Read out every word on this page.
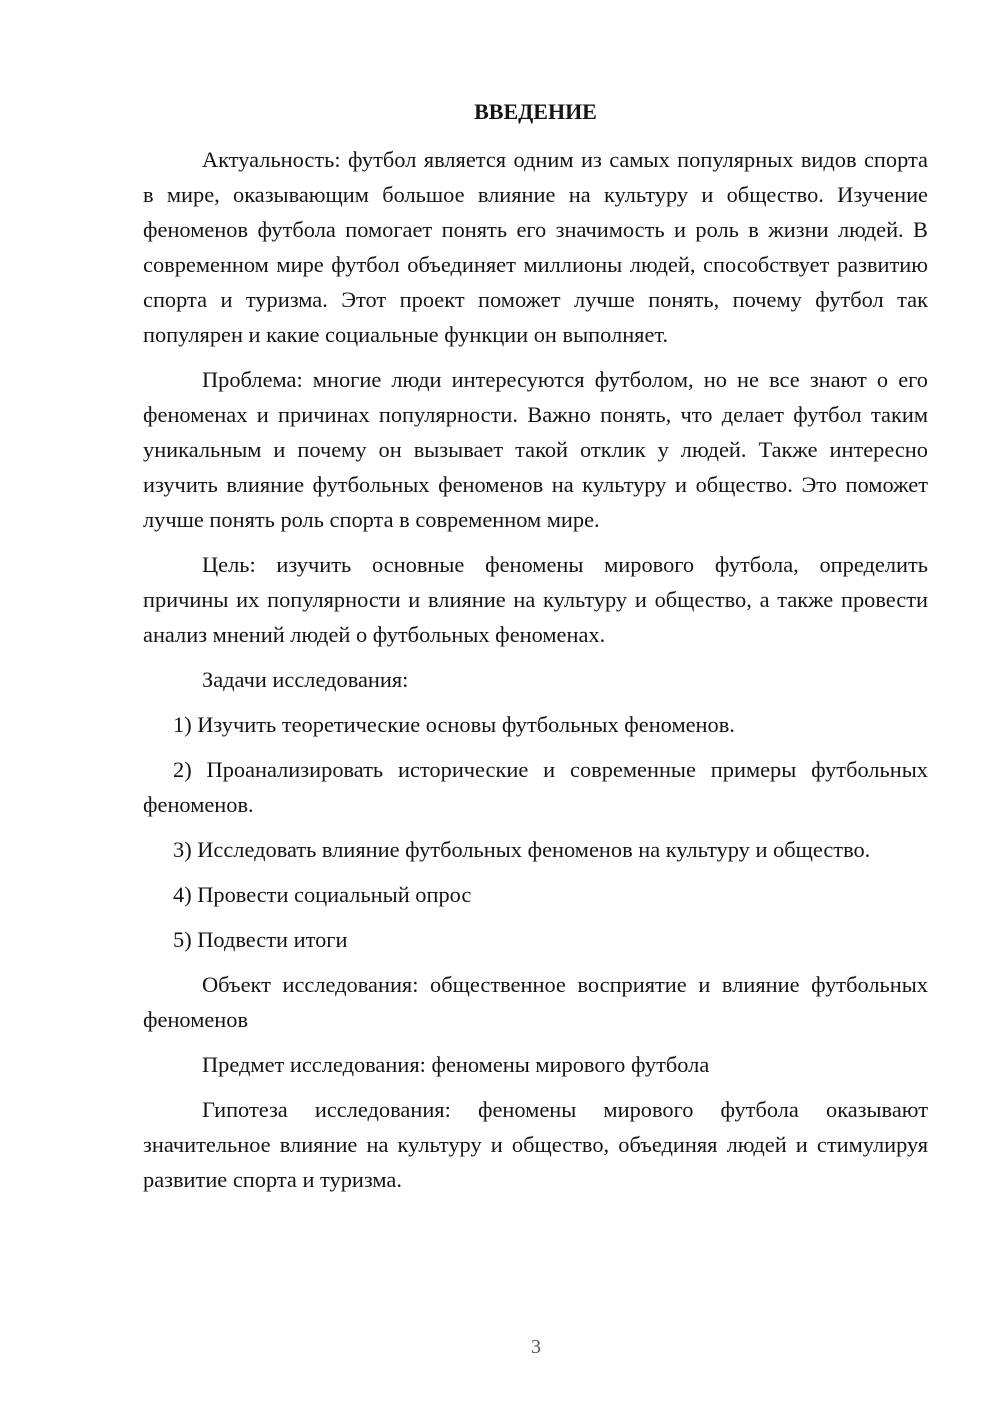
ВВЕДЕНИЕ

Актуальность: футбол является одним из самых популярных видов спорта в мире, оказывающим большое влияние на культуру и общество. Изучение феноменов футбола помогает понять его значимость и роль в жизни людей. В современном мире футбол объединяет миллионы людей, способствует развитию спорта и туризма. Этот проект поможет лучше понять, почему футбол так популярен и какие социальные функции он выполняет.

Проблема: многие люди интересуются футболом, но не все знают о его феноменах и причинах популярности. Важно понять, что делает футбол таким уникальным и почему он вызывает такой отклик у людей. Также интересно изучить влияние футбольных феноменов на культуру и общество. Это поможет лучше понять роль спорта в современном мире.

Цель: изучить основные феномены мирового футбола, определить причины их популярности и влияние на культуру и общество, а также провести анализ мнений людей о футбольных феноменах.

Задачи исследования:

1) Изучить теоретические основы футбольных феноменов.

2) Проанализировать исторические и современные примеры футбольных феноменов.

3) Исследовать влияние футбольных феноменов на культуру и общество.

4) Провести социальный опрос

5) Подвести итоги

Объект исследования: общественное восприятие и влияние футбольных феноменов

Предмет исследования: феномены мирового футбола

Гипотеза исследования: феномены мирового футбола оказывают значительное влияние на культуру и общество, объединяя людей и стимулируя развитие спорта и туризма.

3
